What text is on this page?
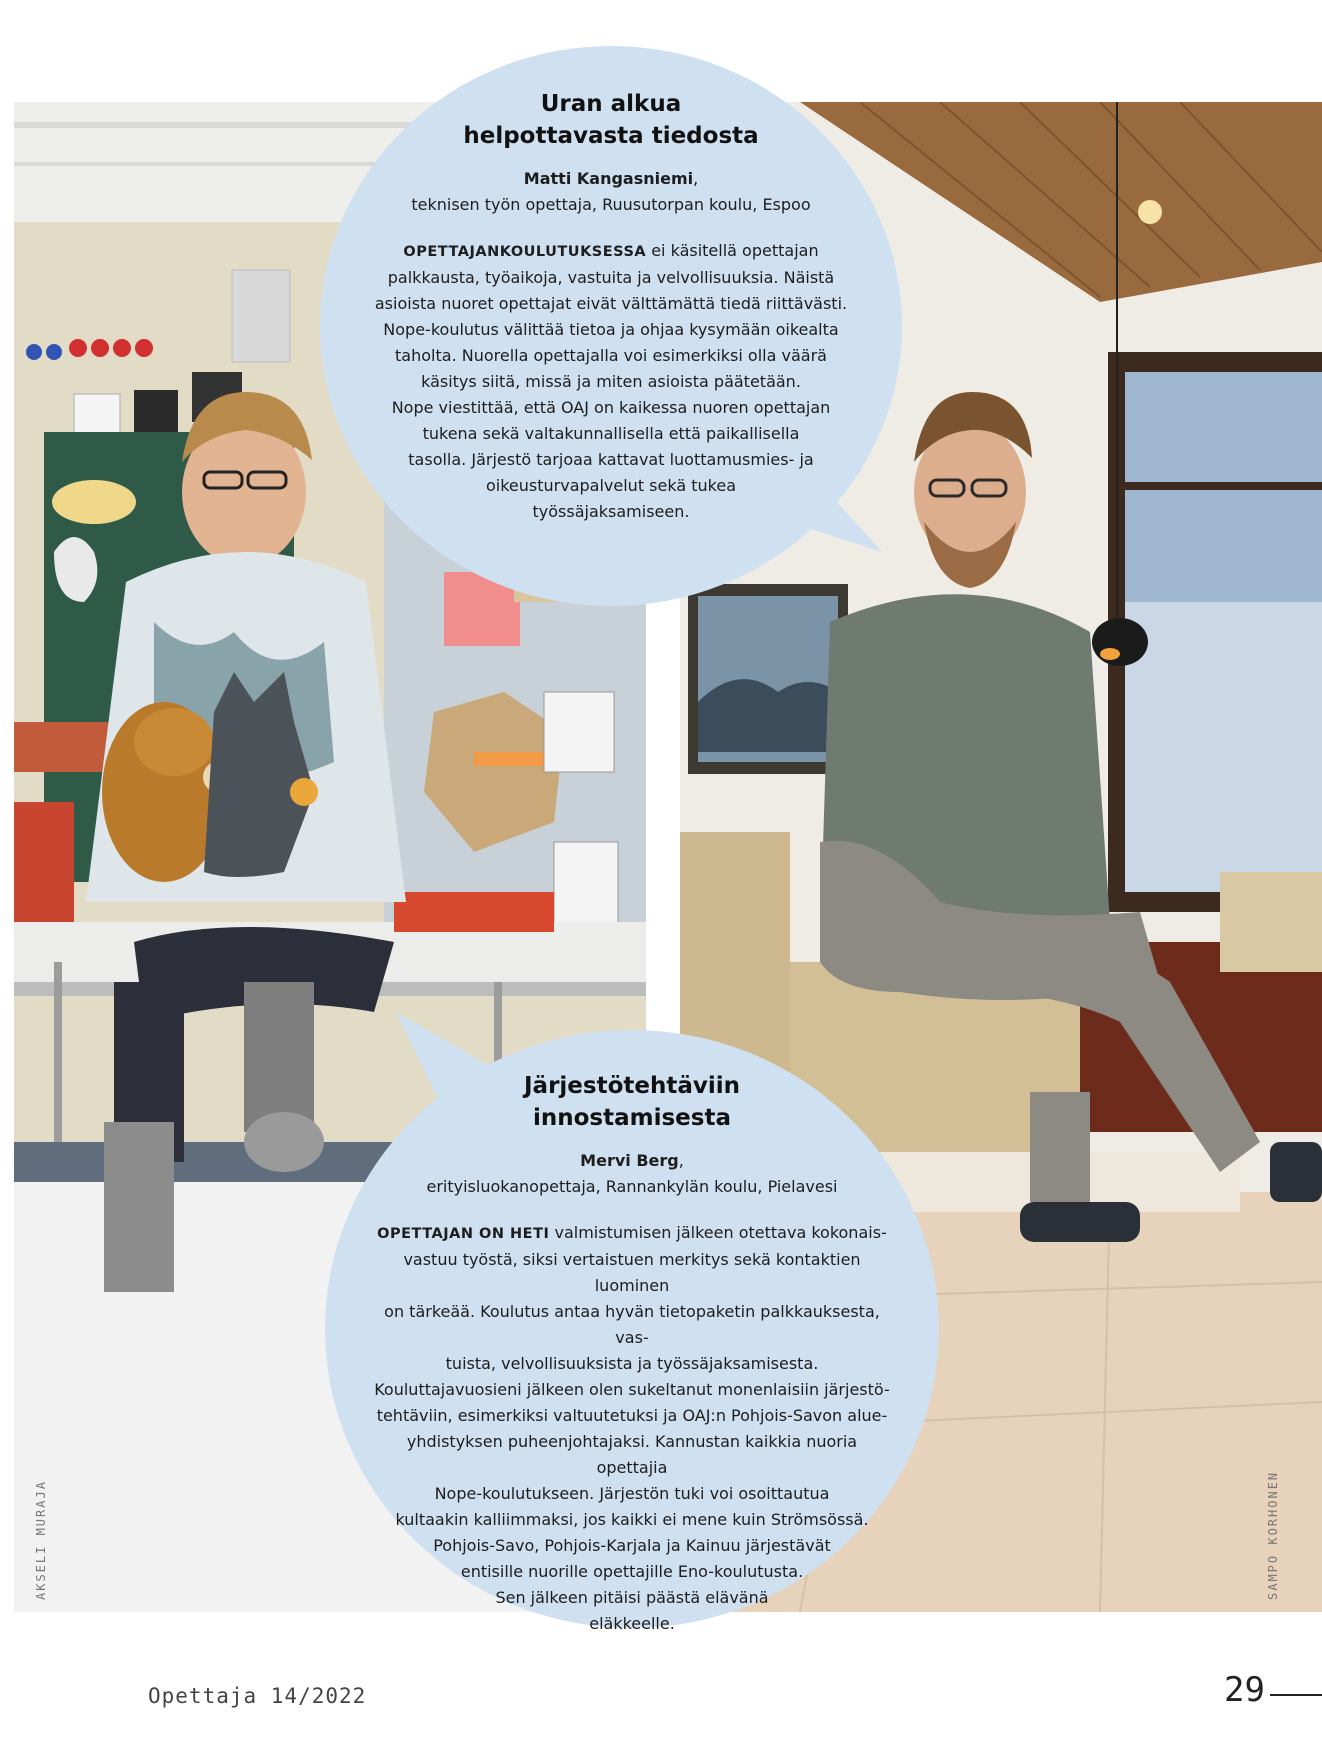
AKSELI MURAJA	SAMPO KORHONEN
Uran alkua
helpottavasta tiedosta
Matti Kangasniemi,
teknisen työn opettaja, Ruusutorpan koulu, Espoo
OPETTAJANKOULUTUKSESSA ei käsitellä opettajan
palkkausta, työaikoja, vastuita ja velvollisuuksia. Näistä
asioista nuoret opettajat eivät välttämättä tiedä riittävästi.
Nope-koulutus välittää tietoa ja ohjaa kysymään oikealta
taholta. Nuorella opettajalla voi esimerkiksi olla väärä
käsitys siitä, missä ja miten asioista päätetään.
Nope viestittää, että OAJ on kaikessa nuoren opettajan
tukena sekä valtakunnallisella että paikallisella
tasolla. Järjestö tarjoaa kattavat luottamusmies- ja
oikeusturvapalvelut sekä tukea
työssäjaksamiseen.
Järjestötehtäviin
innostamisesta
Mervi Berg,
erityisluokanopettaja, Rannankylän koulu, Pielavesi
OPETTAJAN ON HETI valmistumisen jälkeen otettava kokonais-
vastuu työstä, siksi vertaistuen merkitys sekä kontaktien luominen
on tärkeää. Koulutus antaa hyvän tietopaketin palkkauksesta, vas-
tuista, velvollisuuksista ja työssäjaksamisesta.
Kouluttajavuosieni jälkeen olen sukeltanut monenlaisiin järjestö-
tehtäviin, esimerkiksi valtuutetuksi ja OAJ:n Pohjois-Savon alue-
yhdistyksen puheenjohtajaksi. Kannustan kaikkia nuoria opettajia
Nope-koulutukseen. Järjestön tuki voi osoittautua
kultaakin kalliimmaksi, jos kaikki ei mene kuin Strömsössä.
Pohjois-Savo, Pohjois-Karjala ja Kainuu järjestävät
entisille nuorille opettajille Eno-koulutusta.
Sen jälkeen pitäisi päästä elävänä
eläkkeelle.
Opettaja 14/2022	29
